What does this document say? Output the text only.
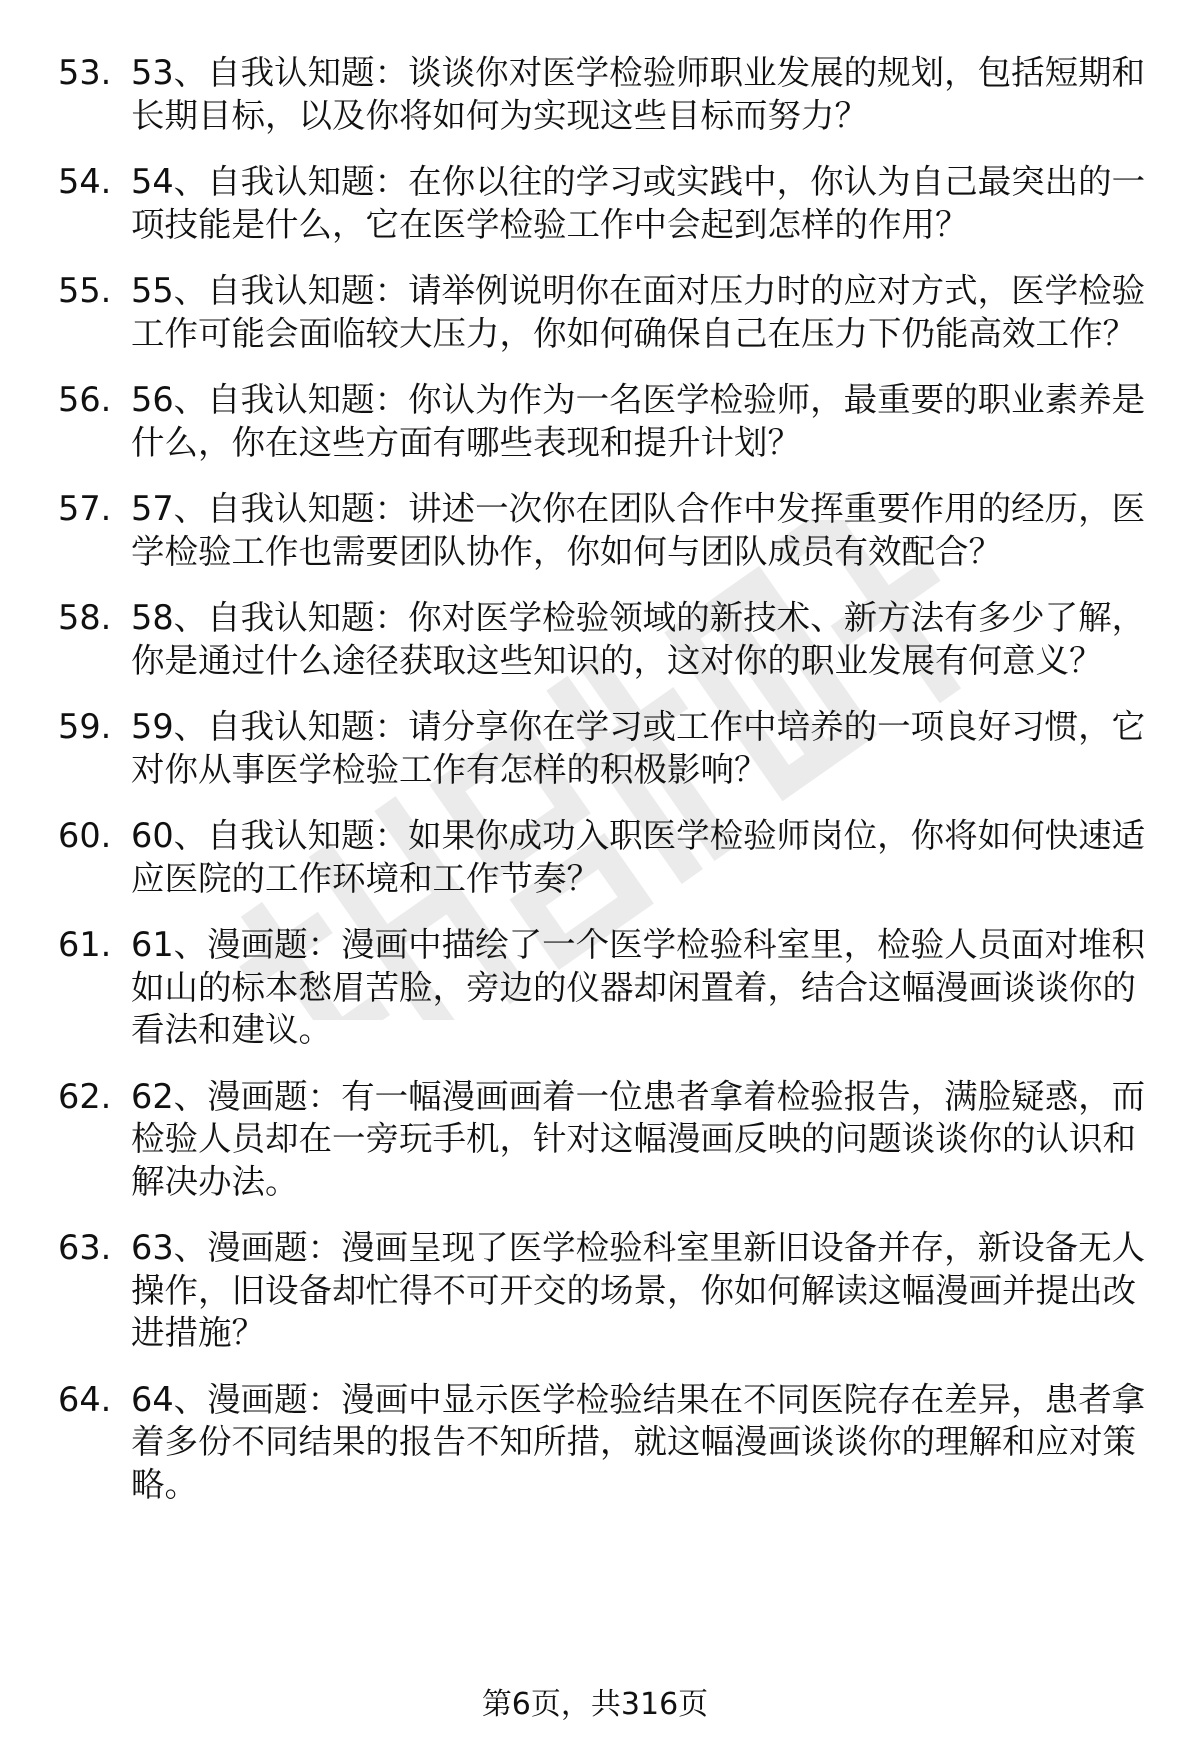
53. 53、自我认知题：谈谈你对医学检验师职业发展的规划，包括短期和长期目标，以及你将如何为实现这些目标而努力？
54. 54、自我认知题：在你以往的学习或实践中，你认为自己最突出的一项技能是什么，它在医学检验工作中会起到怎样的作用？
55. 55、自我认知题：请举例说明你在面对压力时的应对方式，医学检验工作可能会面临较大压力，你如何确保自己在压力下仍能高效工作？
56. 56、自我认知题：你认为作为一名医学检验师，最重要的职业素养是什么，你在这些方面有哪些表现和提升计划？
57. 57、自我认知题：讲述一次你在团队合作中发挥重要作用的经历，医学检验工作也需要团队协作，你如何与团队成员有效配合？
58. 58、自我认知题：你对医学检验领域的新技术、新方法有多少了解，你是通过什么途径获取这些知识的，这对你的职业发展有何意义？
59. 59、自我认知题：请分享你在学习或工作中培养的一项良好习惯，它对你从事医学检验工作有怎样的积极影响？
60. 60、自我认知题：如果你成功入职医学检验师岗位，你将如何快速适应医院的工作环境和工作节奏？
61. 61、漫画题：漫画中描绘了一个医学检验科室里，检验人员面对堆积如山的标本愁眉苦脸，旁边的仪器却闲置着，结合这幅漫画谈谈你的看法和建议。
62. 62、漫画题：有一幅漫画画着一位患者拿着检验报告，满脸疑惑，而检验人员却在一旁玩手机，针对这幅漫画反映的问题谈谈你的认识和解决办法。
63. 63、漫画题：漫画呈现了医学检验科室里新旧设备并存，新设备无人操作，旧设备却忙得不可开交的场景，你如何解读这幅漫画并提出改进措施？
64. 64、漫画题：漫画中显示医学检验结果在不同医院存在差异，患者拿着多份不同结果的报告不知所措，就这幅漫画谈谈你的理解和应对策略。
第6页，共316页
